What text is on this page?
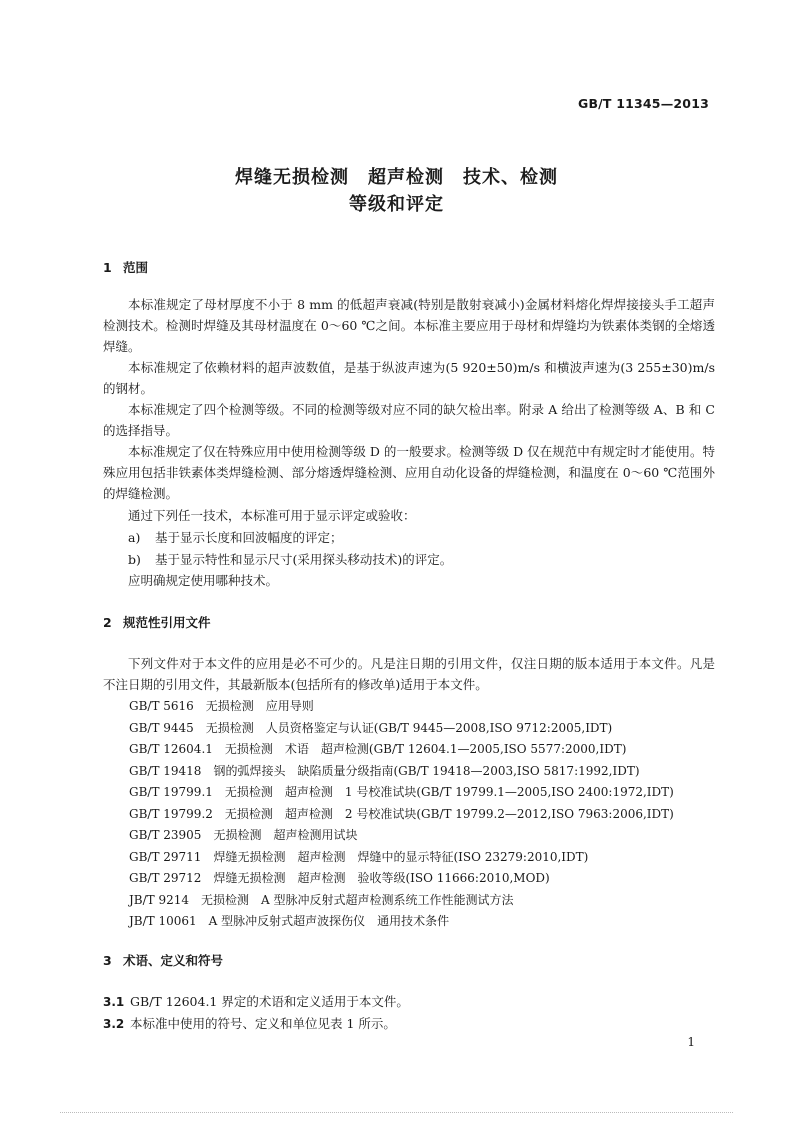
GB/T 11345—2013
焊缝无损检测　超声检测　技术、检测
等级和评定
1 范围

本标准规定了母材厚度不小于 8 mm 的低超声衰减(特别是散射衰减小)金属材料熔化焊焊接接头手工超声检测技术。检测时焊缝及其母材温度在 0～60 ℃之间。本标准主要应用于母材和焊缝均为铁素体类钢的全熔透焊缝。

本标准规定了依赖材料的超声波数值，是基于纵波声速为(5 920±50)m/s 和横波声速为(3 255±30)m/s 的钢材。

本标准规定了四个检测等级。不同的检测等级对应不同的缺欠检出率。附录 A 给出了检测等级 A、B 和 C 的选择指导。

本标准规定了仅在特殊应用中使用检测等级 D 的一般要求。检测等级 D 仅在规范中有规定时才能使用。特殊应用包括非铁素体类焊缝检测、部分熔透焊缝检测、应用自动化设备的焊缝检测，和温度在 0～60 ℃范围外的焊缝检测。

通过下列任一技术，本标准可用于显示评定或验收：
a) 基于显示长度和回波幅度的评定；
b) 基于显示特性和显示尺寸(采用探头移动技术)的评定。
应明确规定使用哪种技术。
2 规范性引用文件

下列文件对于本文件的应用是必不可少的。凡是注日期的引用文件，仅注日期的版本适用于本文件。凡是不注日期的引用文件，其最新版本(包括所有的修改单)适用于本文件。

GB/T 5616　无损检测　应用导则
GB/T 9445　无损检测　人员资格鉴定与认证(GB/T 9445—2008,ISO 9712:2005,IDT)
GB/T 12604.1　无损检测　术语　超声检测(GB/T 12604.1—2005,ISO 5577:2000,IDT)
GB/T 19418　钢的弧焊接头　缺陷质量分级指南(GB/T 19418—2003,ISO 5817:1992,IDT)
GB/T 19799.1　无损检测　超声检测　1 号校准试块(GB/T 19799.1—2005,ISO 2400:1972,IDT)
GB/T 19799.2　无损检测　超声检测　2 号校准试块(GB/T 19799.2—2012,ISO 7963:2006,IDT)
GB/T 23905　无损检测　超声检测用试块
GB/T 29711　焊缝无损检测　超声检测　焊缝中的显示特征(ISO 23279:2010,IDT)
GB/T 29712　焊缝无损检测　超声检测　验收等级(ISO 11666:2010,MOD)
JB/T 9214　无损检测　A 型脉冲反射式超声检测系统工作性能测试方法
JB/T 10061　A 型脉冲反射式超声波探伤仪　通用技术条件
3 术语、定义和符号
3.1 GB/T 12604.1 界定的术语和定义适用于本文件。
3.2 本标准中使用的符号、定义和单位见表 1 所示。
1
